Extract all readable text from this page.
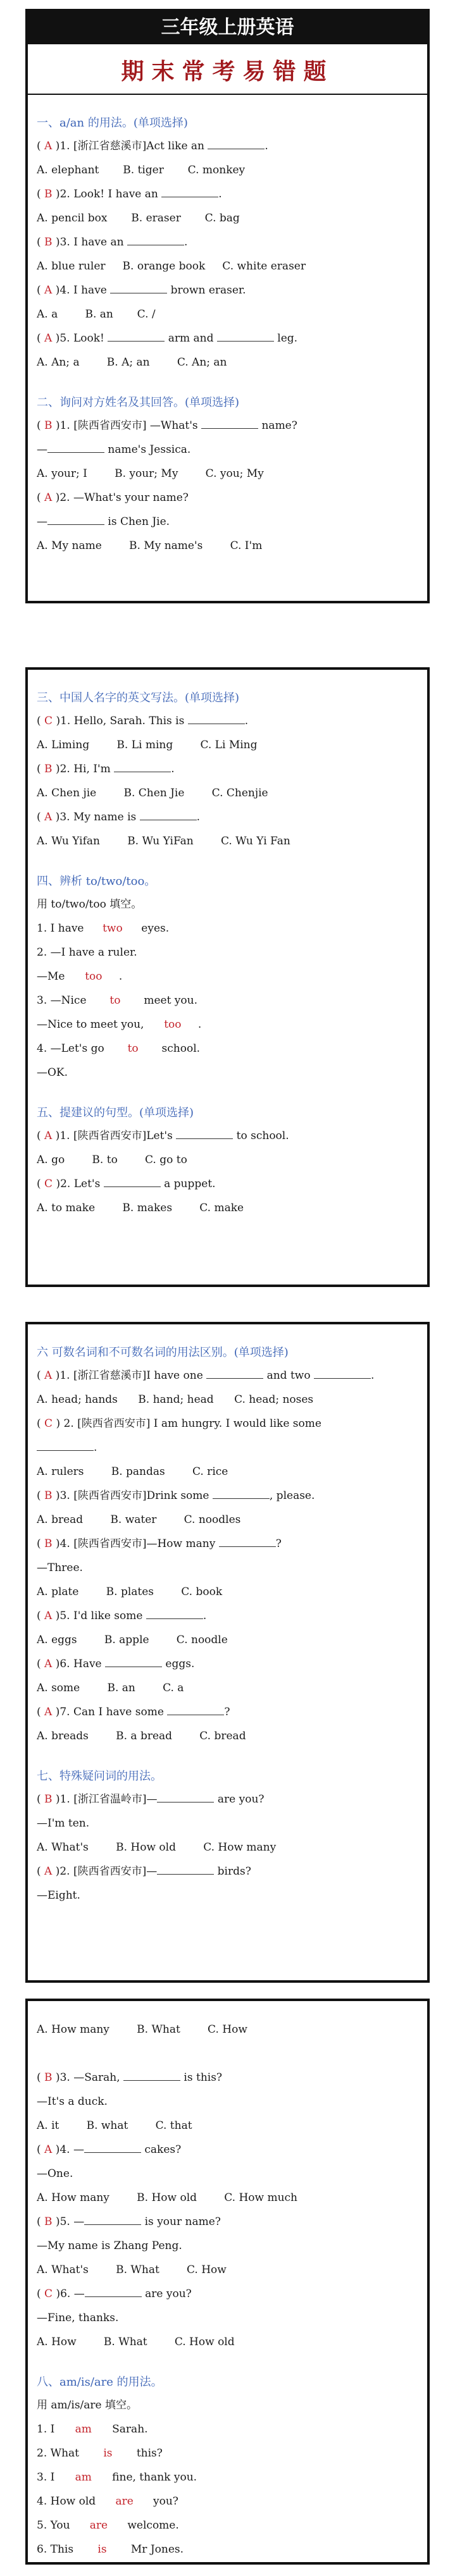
三年级上册英语
期末常考易错题
一、a/an 的用法。(单项选择)
( A )1. [浙江省慈溪市]Act like an	.
A. elephant       B. tiger       C. monkey
( B )2. Look! I have an	.
A. pencil box       B. eraser       C. bag
( B )3. I have an	.
A. blue ruler     B. orange book     C. white eraser
( A )4. I have	brown eraser.
A. a        B. an       C. /
( A )5. Look!	arm and	leg.
A. An; a        B. A; an        C. An; an
二、询问对方姓名及其回答。(单项选择)
( B )1. [陕西省西安市] —What's	name?
—	name's Jessica.
A. your; I        B. your; My        C. you; My
( A )2. —What's your name?
—	is Chen Jie.
A. My name        B. My name's        C. I'm
三、中国人名字的英文写法。(单项选择)
( C )1. Hello, Sarah. This is	.
A. Liming        B. Li ming        C. Li Ming
( B )2. Hi, I'm	.
A. Chen jie        B. Chen Jie        C. Chenjie
( A )3. My name is	.
A. Wu Yifan        B. Wu YiFan        C. Wu Yi Fan
四、辨析 to/two/too。
用 to/two/too 填空。
1. I have two eyes.
2. —I have a ruler.
—Me too .
3. —Nice to meet you.
—Nice to meet you, too .
4. —Let's go to school.
—OK.
五、提建议的句型。(单项选择)
( A )1. [陕西省西安市]Let's	to school.
A. go        B. to        C. go to
( C )2. Let's	a puppet.
A. to make        B. makes        C. make
六 可数名词和不可数名词的用法区别。(单项选择)
( A )1. [浙江省慈溪市]I have one	and two	.
A. head; hands      B. hand; head      C. head; noses
( C ) 2. [陕西省西安市] I am hungry. I would like some
.
A. rulers        B. pandas        C. rice
( B )3. [陕西省西安市]Drink some	, please.
A. bread        B. water        C. noodles
( B )4. [陕西省西安市]—How many	?
—Three.
A. plate        B. plates        C. book
( A )5. I'd like some	.
A. eggs        B. apple        C. noodle
( A )6. Have	eggs.
A. some        B. an        C. a
( A )7. Can I have some	?
A. breads        B. a bread        C. bread
七、特殊疑问词的用法。
( B )1. [浙江省温岭市]—	are you?
—I'm ten.
A. What's        B. How old        C. How many
( A )2. [陕西省西安市]—	birds?
—Eight.
A. How many        B. What        C. How
( B )3. —Sarah,	is this?
—It's a duck.
A. it        B. what        C. that
( A )4. —	cakes?
—One.
A. How many        B. How old        C. How much
( B )5. —	is your name?
—My name is Zhang Peng.
A. What's        B. What        C. How
( C )6. —	are you?
—Fine, thanks.
A. How        B. What        C. How old
八、am/is/are 的用法。
用 am/is/are 填空。
1. I am Sarah.
2. What is this?
3. I am fine, thank you.
4. How old are you?
5. You are welcome.
6. This is Mr Jones.
